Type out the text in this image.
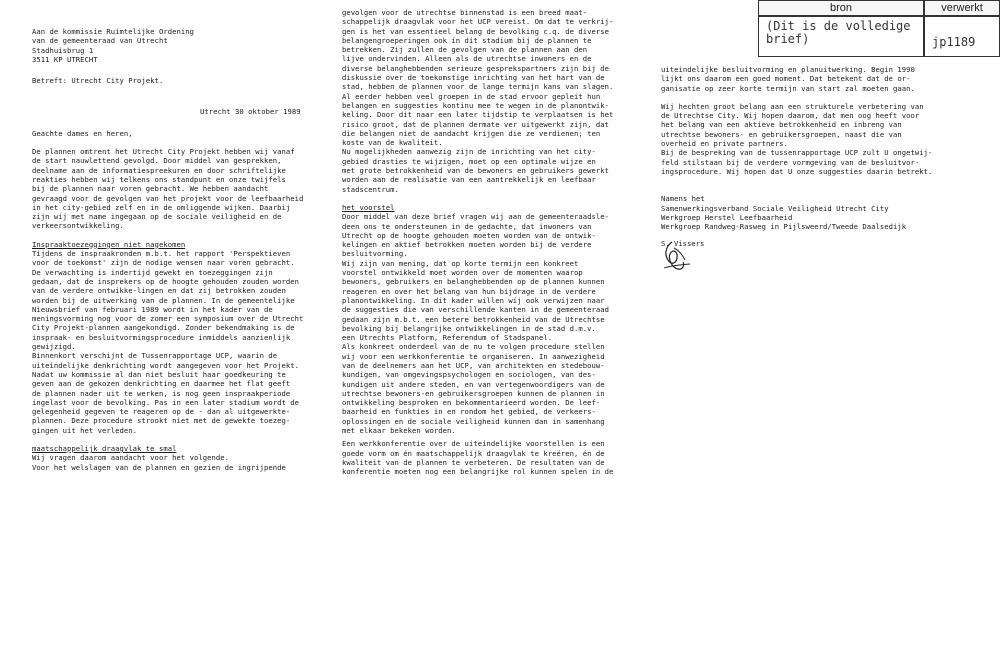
bron	verwerkt
(Dit is de volledige
brief)	jp1189

Aan de kommissie Ruimtelijke Ordening
van de gemeenteraad van Utrecht
Stadhuisbrug 1
3511 KP UTRECHT

Betreft: Utrecht City Projekt.

Utrecht 30 oktober 1989

Geachte dames en heren,

De plannen omtrent het Utrecht City Projekt hebben wij vanaf
de start nauwlettend gevolgd. Door middel van gesprekken,
deelname aan de informatiespreekuren en door schriftelijke
reakties hebben wij telkens ons standpunt en onze twijfels
bij de plannen naar voren gebracht. We hebben aandacht
gevraagd voor de gevolgen van het projekt voor de leefbaarheid
in het city-gebied zelf en in de omliggende wijken. Daarbij
zijn wij met name ingegaan op de sociale veiligheid en de
verkeersontwikkeling.

Inspraaktoezeggingen niet nagekomen

Tijdens de inspraakronden m.b.t. het rapport 'Perspektieven
voor de toekomst' zijn de nodige wensen naar voren gebracht.
De verwachting is indertijd gewekt en toezeggingen zijn
gedaan, dat de insprekers op de hoogte gehouden zouden worden
van de verdere ontwikke-lingen en dat zij betrokken zouden
worden bij de uitwerking van de plannen. In de gemeentelijke
Nieuwsbrief van februari 1989 wordt in het kader van de
meningsvorming nog voor de zomer een symposium over de Utrecht
City Projekt-plannen aangekondigd. Zonder bekendmaking is de
inspraak- en besluitvormingsprocedure inmiddels aanzienlijk
gewijzigd.
Binnenkort verschijnt de Tussenrapportage UCP, waarin de
uiteindelijke denkrichting wordt aangegeven voor het Projekt.
Nadat uw kommissie al dan niet besluit haar goedkeuring te
geven aan de gekozen denkrichting en daarmee het flat geeft
de plannen nader uit te werken, is nog geen inspraakperiode
ingelast voor de bevolking. Pas in een later stadium wordt de
gelegenheid gegeven te reageren op de - dan al uitgewerkte-
plannen. Deze procedure strookt niet met de gewekte toezeg-
gingen uit het verleden.

maatschappelijk draagvlak te smal

Wij vragen daarom aandacht voor het volgende.
Voor het welslagen van de plannen en gezien de ingrijpende

gevolgen voor de utrechtse binnenstad is een breed maat-
schappelijk draagvlak voor het UCP vereist. Om dat te verkrij-
gen is het van essentieel belang de bevolking c.q. de diverse
belangengroeperingen ook in dit stadium bij de plannen te
betrekken. Zij zullen de gevolgen van de plannen aan den
lijve ondervinden. Alleen als de utrechtse inwoners en de
diverse belanghebbenden serieuze gesprekspartners zijn bij de
diskussie over de toekomstige inrichting van het hart van de
stad, hebben de plannen voor de lange termijn kans van slagen.
Al eerder hebben veel groepen in de stad ervoor gepleit hun
belangen en suggesties kontinu mee te wegen in de planontwik-
keling. Door dit naar een later tijdstip te verplaatsen is het
risico groot, dat de plannen dermate ver uitgewerkt zijn, dat
die belangen niet de aandacht krijgen die ze verdienen; ten
koste van de kwaliteit.
Nu mogelijkheden aanwezig zijn de inrichting van het city-
gebied drasties te wijzigen, moet op een optimale wijze en
met grote betrokkenheid van de bewoners en gebruikers gewerkt
worden aan de realisatie van een aantrekkelijk en leefbaar
stadscentrum.

het voorstel

Door middel van deze brief vragen wij aan de gemeenteraadsle-
deen ons te ondersteunen in de gedachte, dat inwoners van
Utrecht op de hoogte gehouden moeten worden van de ontwik-
kelingen en aktief betrokken moeten worden bij de verdere
besluitvorming.
Wij zijn van mening, dat op korte termijn een konkreet
voorstel ontwikkeld moet worden over de momenten waarop
bewoners, gebruikers en belanghebbenden op de plannen kunnen
reageren en over het belang van hun bijdrage in de verdere
planontwikkeling. In dit kader willen wij ook verwijzen naar
de suggesties die van verschillende kanten in de gemeenteraad
gedaan zijn m.b.t. een betere betrokkenheid van de Utrechtse
bevolking bij belangrijke ontwikkelingen in de stad d.m.v.
een Utrechts Platform, Referendum of Stadspanel.
Als konkreet onderdeel van de nu te volgen procedure stellen
wij voor een werkkonferentie te organiseren. In aanwezigheid
van de deelnemers aan het UCP, van architekten en stedebouw-
kundigen, van omgevingspsychologen en sociologen, van des-
kundigen uit andere steden, en van vertegenwoordigers van de
utrechtse bewoners-en gebruikersgroepen kunnen de plannen in
ontwikkeling besproken en bekommentarieerd worden. De leef-
baarheid en funkties in en rondom het gebied, de verkeers-
oplossingen en de sociale veiligheid kunnen dan in samenhang
met elkaar bekeken worden.

Een werkkonferentie over de uiteindelijke voorstellen is een
goede vorm om én maatschappelijk draagvlak te kreëren, én de
kwaliteit van de plannen te verbeteren. De resultaten van de
konferentie moeten nog een belangrijke rol kunnen spelen in de

uiteindelijke besluitvorming en planuitwerking. Begin 1990
lijkt ons daarom een goed moment. Dat betekent dat de or-
ganisatie op zeer korte termijn van start zal moeten gaan.

Wij hechten groot belang aan een strukturele verbetering van
de Utrechtse City. Wij hopen daarom, dat men oog heeft voor
het belang van een aktieve betrokkenheid en inbreng van
utrechtse bewoners- en gebruikersgroepen, naast die van
overheid en private partners.
Bij de bespreking van de tussenrapportage UCP zult U ongetwij-
feld stilstaan bij de verdere vormgeving van de besluitvor-
ingsprocedure. Wij hopen dat U onze suggesties daarin betrekt.

Namens het
Samenwerkingsverband Sociale Veiligheid Utrecht City
Werkgroep Herstel Leefbaarheid
Werkgroep Randweg-Rasweg in Pijlsweerd/Tweede Daalsedijk

S. Vissers
